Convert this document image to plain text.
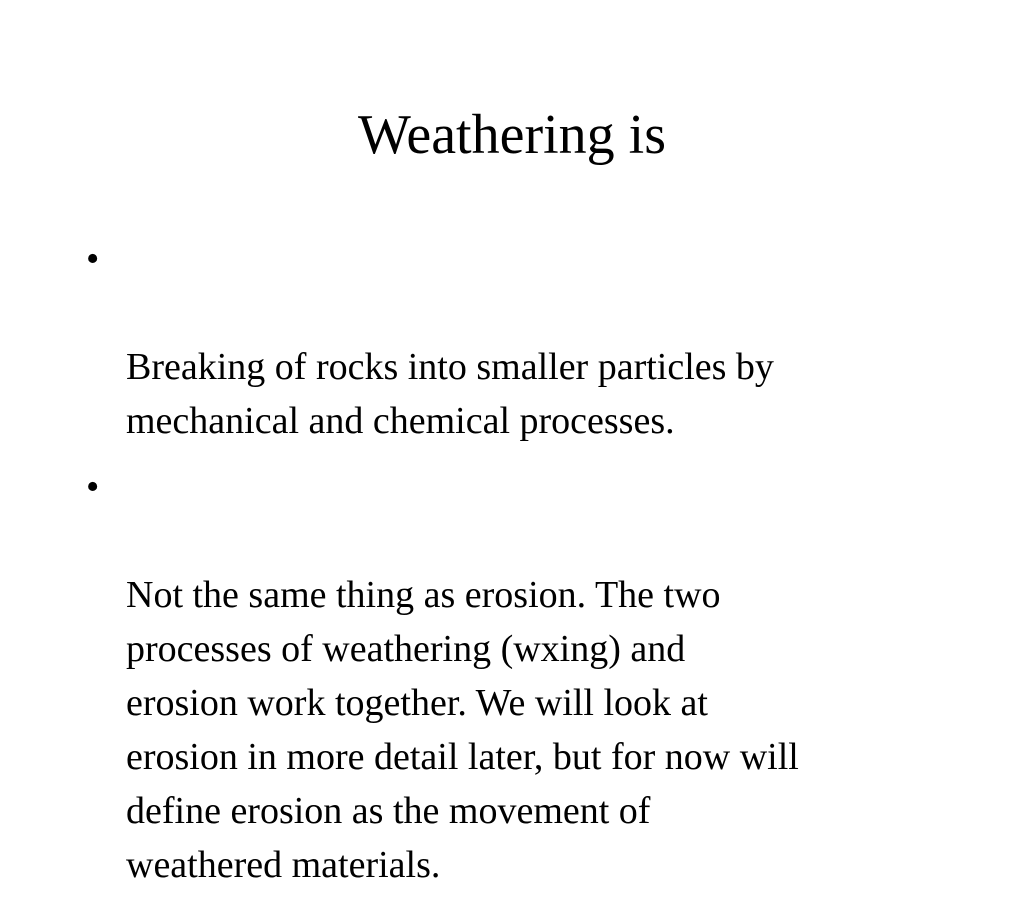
Weathering is

•

Breaking of rocks into smaller particles by
mechanical and chemical processes.

•

Not the same thing as erosion. The two
processes of weathering (wxing) and
erosion work together. We will look at
erosion in more detail later, but for now will
define erosion as the movement of
weathered materials.
